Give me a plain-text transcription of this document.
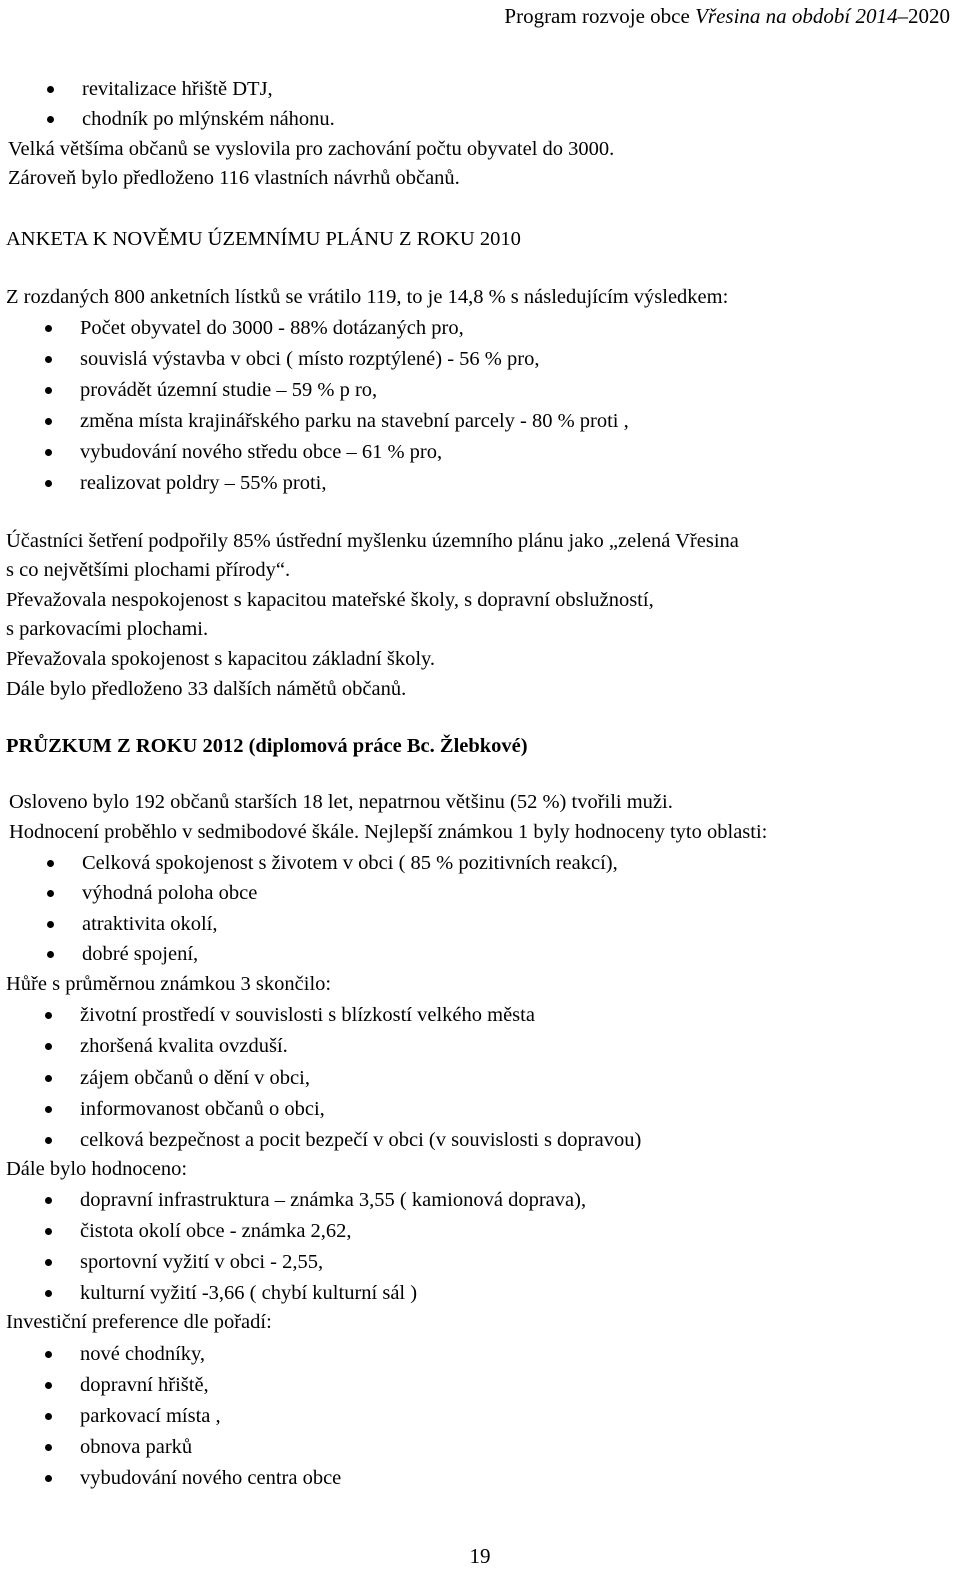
Program rozvoje obce Vřesina na období 2014–2020
revitalizace hřiště DTJ,
chodník po mlýnském náhonu.
Velká většíma občanů se vyslovila pro zachování počtu obyvatel do 3000.
Zároveň bylo předloženo 116 vlastních návrhů občanů.
ANKETA K NOVĚMU ÚZEMNÍMU PLÁNU Z ROKU 2010
Z rozdaných 800 anketních lístků se vrátilo 119, to je 14,8 % s následujícím výsledkem:
Počet obyvatel do 3000 - 88% dotázaných pro,
souvislá výstavba v obci ( místo rozptýlené) - 56 % pro,
provádět územní studie – 59 % p ro,
změna místa krajinářského parku na stavební parcely - 80 % proti ,
vybudování nového středu obce – 61 % pro,
realizovat poldry – 55% proti,
Účastníci šetření podpořily 85% ústřední myšlenku územního plánu jako „zelená Vřesina
s co největšími plochami přírody“.
Převažovala nespokojenost s kapacitou mateřské školy, s dopravní obslužností,
s parkovacími plochami.
Převažovala spokojenost s kapacitou základní školy.
Dále bylo předloženo 33 dalších námětů občanů.
PRŮZKUM Z ROKU 2012 (diplomová práce Bc. Žlebkové)
Osloveno bylo 192 občanů starších 18 let, nepatrnou většinu (52 %) tvořili muži.
Hodnocení proběhlo v sedmibodové škále. Nejlepší známkou 1 byly hodnoceny tyto oblasti:
Celková spokojenost s životem v obci ( 85 % pozitivních reakcí),
výhodná poloha obce
atraktivita okolí,
dobré spojení,
Hůře s průměrnou známkou 3 skončilo:
životní prostředí v souvislosti s blízkostí velkého města
zhoršená kvalita ovzduší.
zájem občanů o dění v obci,
informovanost občanů o obci,
celková bezpečnost a pocit bezpečí v obci (v souvislosti s dopravou)
Dále bylo hodnoceno:
dopravní infrastruktura – známka 3,55 ( kamionová doprava),
čistota okolí obce - známka 2,62,
sportovní vyžití v obci - 2,55,
kulturní vyžití -3,66 ( chybí kulturní sál )
Investiční preference dle pořadí:
nové chodníky,
dopravní hřiště,
parkovací místa ,
obnova parků
vybudování nového centra obce
19
